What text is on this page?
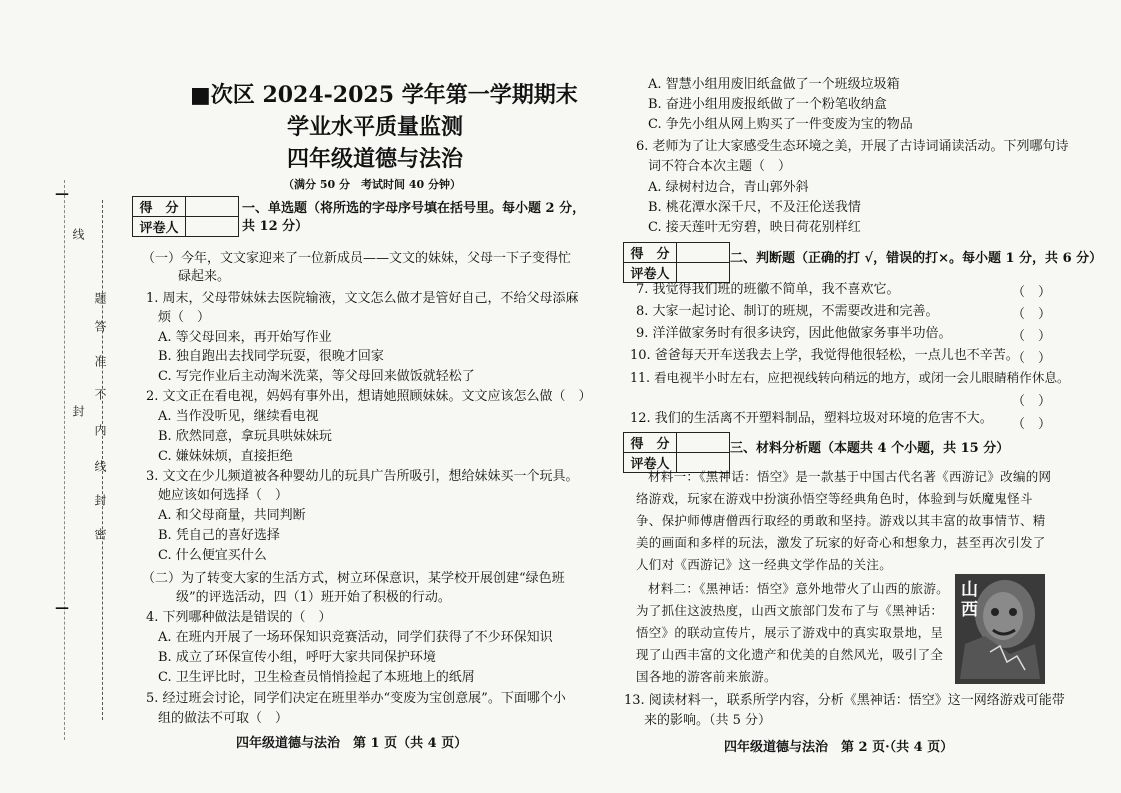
线
封
题
答
准
不
内
线
封
密
—
—
■次区 2024-2025 学年第一学期期末
学业水平质量监测
四年级道德与法治
（满分 50 分　考试时间 40 分钟）
得　分	
评卷人	
一、单选题（将所选的字母序号填在括号里。每小题 2 分，
共 12 分）
（一）今年，文文家迎来了一位新成员——文文的妹妹，父母一下子变得忙
碌起来。
1. 周末，父母带妹妹去医院输液，文文怎么做才是管好自己，不给父母添麻
烦（　）
A. 等父母回来，再开始写作业
B. 独自跑出去找同学玩耍，很晚才回家
C. 写完作业后主动淘米洗菜，等父母回来做饭就轻松了
2. 文文正在看电视，妈妈有事外出，想请她照顾妹妹。文文应该怎么做（　）
A. 当作没听见，继续看电视
B. 欣然同意，拿玩具哄妹妹玩
C. 嫌妹妹烦，直接拒绝
3. 文文在少儿频道被各种婴幼儿的玩具广告所吸引，想给妹妹买一个玩具。
她应该如何选择（　）
A. 和父母商量，共同判断
B. 凭自己的喜好选择
C. 什么便宜买什么
（二）为了转变大家的生活方式，树立环保意识，某学校开展创建“绿色班
级”的评选活动，四（1）班开始了积极的行动。
4. 下列哪种做法是错误的（　）
A. 在班内开展了一场环保知识竞赛活动，同学们获得了不少环保知识
B. 成立了环保宣传小组，呼吁大家共同保护环境
C. 卫生评比时，卫生检查员悄悄捡起了本班地上的纸屑
5. 经过班会讨论，同学们决定在班里举办“变废为宝创意展”。下面哪个小
组的做法不可取（　）
四年级道德与法治　第 1 页（共 4 页）
A. 智慧小组用废旧纸盒做了一个班级垃圾箱
B. 奋进小组用废报纸做了一个粉笔收纳盒
C. 争先小组从网上购买了一件变废为宝的物品
6. 老师为了让大家感受生态环境之美，开展了古诗词诵读活动。下列哪句诗
词不符合本次主题（　）
A. 绿树村边合，青山郭外斜
B. 桃花潭水深千尺，不及汪伦送我情
C. 接天莲叶无穷碧，映日荷花别样红
得　分	
评卷人	
二、判断题（正确的打 √，错误的打×。每小题 1 分，共 6 分）
7. 我觉得我们班的班徽不简单，我不喜欢它。	（　）
8. 大家一起讨论、制订的班规，不需要改进和完善。	（　）
9. 洋洋做家务时有很多诀窍，因此他做家务事半功倍。	（　）
10. 爸爸每天开车送我去上学，我觉得他很轻松，一点儿也不辛苦。
（　）
11. 看电视半小时左右，应把视线转向稍远的地方，或闭一会儿眼睛稍作休息。
（　）
12. 我们的生活离不开塑料制品，塑料垃圾对环境的危害不大。 （　）
得　分	
评卷人	
三、材料分析题（本题共 4 个小题，共 15 分）
材料一：《黑神话：悟空》是一款基于中国古代名著《西游记》改编的网
络游戏，玩家在游戏中扮演孙悟空等经典角色时，体验到与妖魔鬼怪斗
争、保护师傅唐僧西行取经的勇敢和坚持。游戏以其丰富的故事情节、精
美的画面和多样的玩法，激发了玩家的好奇心和想象力，甚至再次引发了
人们对《西游记》这一经典文学作品的关注。
材料二：《黑神话：悟空》意外地带火了山西的旅游。
为了抓住这波热度，山西文旅部门发布了与《黑神话：
悟空》的联动宣传片，展示了游戏中的真实取景地，呈
现了山西丰富的文化遗产和优美的自然风光，吸引了全
国各地的游客前来旅游。
山西
13. 阅读材料一，联系所学内容，分析《黑神话：悟空》这一网络游戏可能带
来的影响。（共 5 分）
四年级道德与法治　第 2 页·（共 4 页）
